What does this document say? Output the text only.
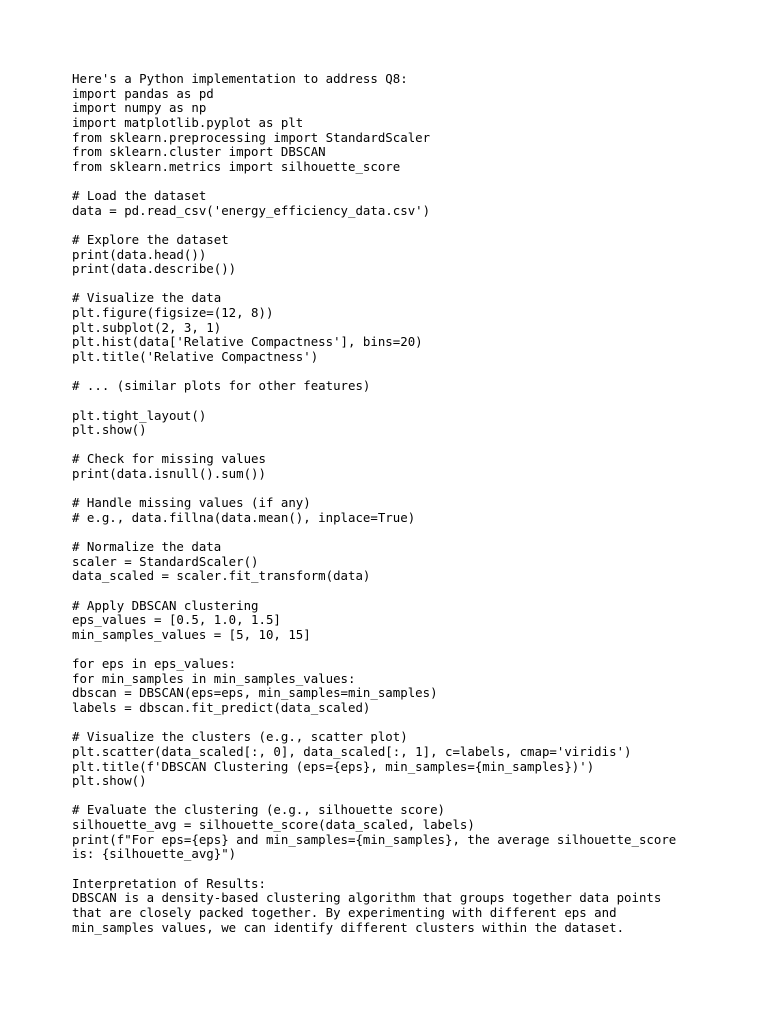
Here's a Python implementation to address Q8:
import pandas as pd
import numpy as np
import matplotlib.pyplot as plt
from sklearn.preprocessing import StandardScaler
from sklearn.cluster import DBSCAN
from sklearn.metrics import silhouette_score
# Load the dataset
data = pd.read_csv('energy_efficiency_data.csv')
# Explore the dataset
print(data.head())
print(data.describe())
# Visualize the data
plt.figure(figsize=(12, 8))
plt.subplot(2, 3, 1)
plt.hist(data['Relative Compactness'], bins=20)
plt.title('Relative Compactness')
# ... (similar plots for other features)
plt.tight_layout()
plt.show()
# Check for missing values
print(data.isnull().sum())
# Handle missing values (if any)
# e.g., data.fillna(data.mean(), inplace=True)
# Normalize the data
scaler = StandardScaler()
data_scaled = scaler.fit_transform(data)
# Apply DBSCAN clustering
eps_values = [0.5, 1.0, 1.5]
min_samples_values = [5, 10, 15]
for eps in eps_values:
for min_samples in min_samples_values:
dbscan = DBSCAN(eps=eps, min_samples=min_samples)
labels = dbscan.fit_predict(data_scaled)
# Visualize the clusters (e.g., scatter plot)
plt.scatter(data_scaled[:, 0], data_scaled[:, 1], c=labels, cmap='viridis')
plt.title(f'DBSCAN Clustering (eps={eps}, min_samples={min_samples})')
plt.show()
# Evaluate the clustering (e.g., silhouette score)
silhouette_avg = silhouette_score(data_scaled, labels)
print(f"For eps={eps} and min_samples={min_samples}, the average silhouette_score
is: {silhouette_avg}")
Interpretation of Results:
DBSCAN is a density-based clustering algorithm that groups together data points
that are closely packed together. By experimenting with different eps and
min_samples values, we can identify different clusters within the dataset.
